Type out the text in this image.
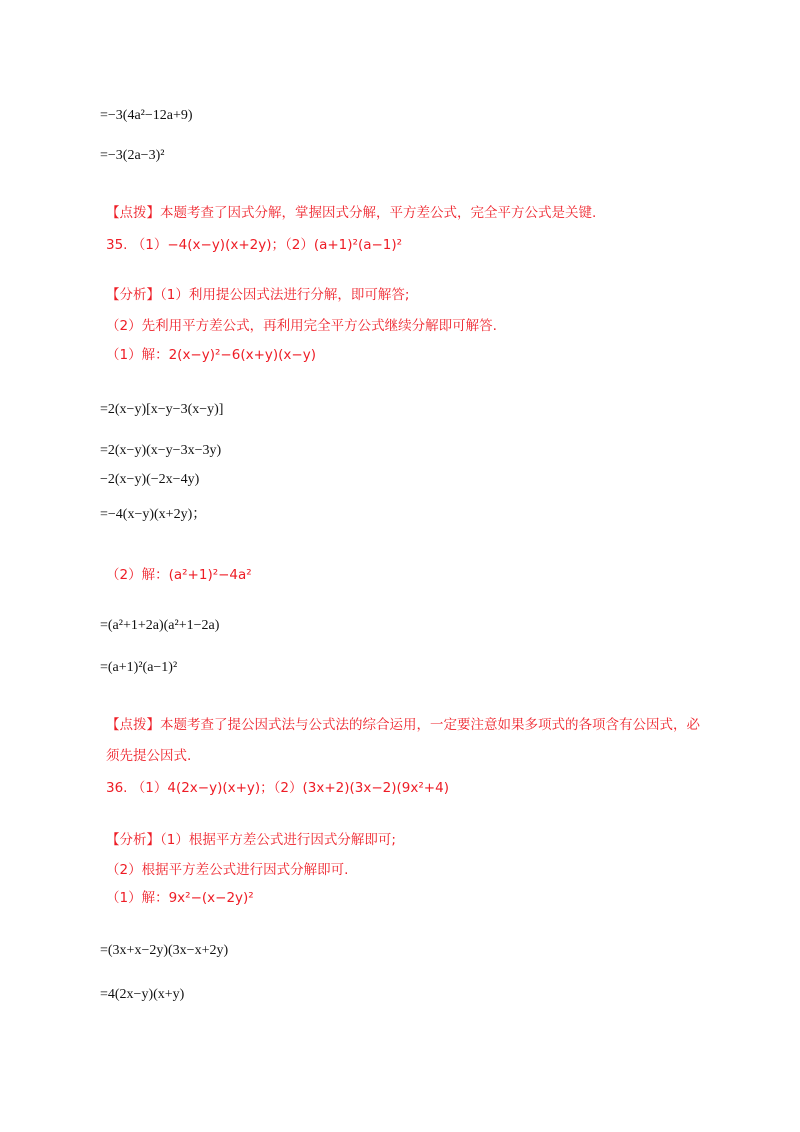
=−3(4a²−12a+9)
=−3(2a−3)²
【点拨】本题考查了因式分解，掌握因式分解，平方差公式，完全平方公式是关键.
35. （1）−4(x−y)(x+2y)；（2）(a+1)²(a−1)²
【分析】（1）利用提公因式法进行分解，即可解答;
（2）先利用平方差公式，再利用完全平方公式继续分解即可解答.
（1）解：2(x−y)²−6(x+y)(x−y)
=2(x−y)[x−y−3(x−y)]
=2(x−y)(x−y−3x−3y)
−2(x−y)(−2x−4y)
=−4(x−y)(x+2y)；
（2）解：(a²+1)²−4a²
=(a²+1+2a)(a²+1−2a)
=(a+1)²(a−1)²
【点拨】本题考查了提公因式法与公式法的综合运用，一定要注意如果多项式的各项含有公因式，必
须先提公因式.
36. （1）4(2x−y)(x+y)；（2）(3x+2)(3x−2)(9x²+4)
【分析】（1）根据平方差公式进行因式分解即可;
（2）根据平方差公式进行因式分解即可.
（1）解：9x²−(x−2y)²
=(3x+x−2y)(3x−x+2y)
=4(2x−y)(x+y)
